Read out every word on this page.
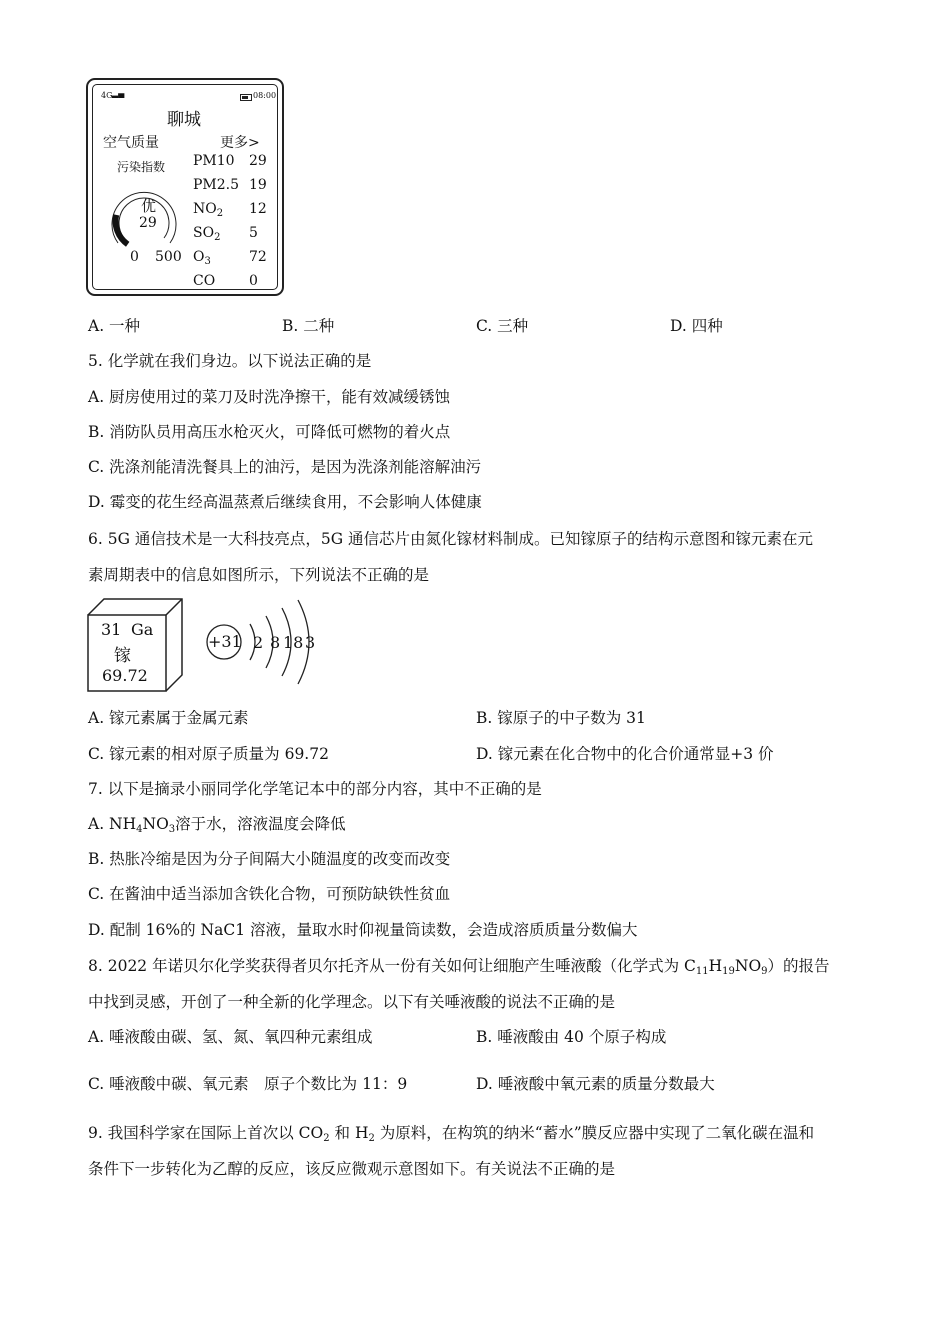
4G ▂▄	08:00
聊城
空气质量	更多>
污染指数 PM10 29
PM2.5 19
$NO_2$ 12
$SO_2$ 5
$O_3$	72
CO 0
优
29
0 500
A. 一种	B. 二种	C. 三种	D. 四种
5. 化学就在我们身边。以下说法正确的是
A. 厨房使用过的菜刀及时洗净擦干，能有效减缓锈蚀
B. 消防队员用高压水枪灭火，可降低可燃物的着火点
C. 洗涤剂能清洗餐具上的油污，是因为洗涤剂能溶解油污
D. 霉变的花生经高温蒸煮后继续食用，不会影响人体健康
6. 5G 通信技术是一大科技亮点，5G 通信芯片由氮化镓材料制成。已知镓原子的结构示意图和镓元素在元
素周期表中的信息如图所示，下列说法不正确的是
31 Ga
镓
69.72
+31 2 8 18 3
A. 镓元素属于金属元素	B. 镓原子的中子数为 31
C. 镓元素的相对原子质量为 69.72	D. 镓元素在化合物中的化合价通常显+3 价
7. 以下是摘录小丽同学化学笔记本中的部分内容，其中不正确的是
A. $NH_4NO_3$溶于水，溶液温度会降低
B. 热胀冷缩是因为分子间隔大小随温度的改变而改变
C. 在酱油中适当添加含铁化合物，可预防缺铁性贫血
D. 配制 16%的 NaC1 溶液，量取水时仰视量筒读数，会造成溶质质量分数偏大
8. 2022 年诺贝尔化学奖获得者贝尔托齐从一份有关如何让细胞产生唾液酸（化学式为 $C_{11}H_{19}NO_9$）的报告
中找到灵感，开创了一种全新的化学理念。以下有关唾液酸的说法不正确的是
A. 唾液酸由碳、氢、氮、氧四种元素组成	B. 唾液酸由 40 个原子构成
C. 唾液酸中碳、氧元素　原子个数比为 11：9	D. 唾液酸中氧元素的质量分数最大
9. 我国科学家在国际上首次以 $CO_2$ 和 $H_2$ 为原料，在构筑的纳米“蓄水”膜反应器中实现了二氧化碳在温和
条件下一步转化为乙醇的反应，该反应微观示意图如下。有关说法不正确的是
